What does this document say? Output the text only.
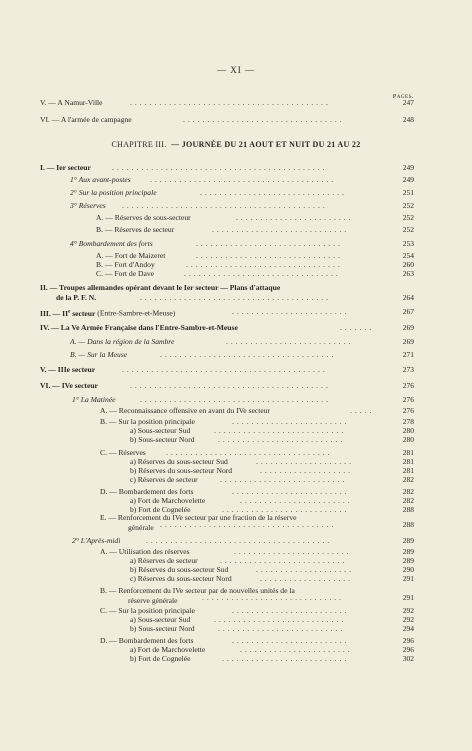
— XI —
Pages.
V. — A Namur-Ville	.........................................	247
VI. — A l'armée de campagne	.................................	248
CHAPITRE III. — JOURNÉE DU 21 AOUT ET NUIT DU 21 AU 22
I. — Ier secteur	............................................	249
1° Aux avant-postes	......................................	249
2° Sur la position principale	..............................	251
3° Réserves ..........................................	252
A. — Réserves de sous-secteur	........................	252
B. — Réserves de secteur	............................	252
4° Bombardement des forts	..............................	253
A. — Fort de Maizeret	..............................	254
B. — Fort d'Andoy	................................	260
C. — Fort de Dave	................................	263
II. — Troupes allemandes opérant devant le Ier secteur — Plans d'attaque
de la P. F. N.	.......................................	264
III. — IIe secteur (Entre-Sambre-et-Meuse)	........................	267
IV. — La Ve Armée Française dans l'Entre-Sambre-et-Meuse	.......	269
A. — Dans la région de la Sambre	..........................	269
B. — Sur la Meuse	....................................	271
V. — IIIe secteur	..........................................	273
VI. — IVe secteur	.........................................	276
1° La Matinée	.......................................	276
A. — Reconnaissance offensive en avant du IVe secteur	.....	276
B. — Sur la position principale	........................	278
a) Sous-secteur Sud	...........................	280
b) Sous-secteur Nord	..........................	280
C. — Réserves	..................................	281
a) Réserves du sous-secteur Sud	....................	281
b) Réserves du sous-secteur Nord	...................	281
c) Réserves de secteur	..........................	282
D. — Bombardement des forts	........................	282
a) Fort de Marchovelette	.......................	282
b) Fort de Cognelée	..........................	288
E. — Renforcement du IVe secteur par une fraction de la réserve
générale ....................................	288
2° L'Après-midi	......................................	289
A. — Utilisation des réserves	........................	289
a) Réserves de secteur	..........................	289
b) Réserves du sous-secteur Sud	....................	290
c) Réserves du sous-secteur Nord	...................	291
B. — Renforcement du IVe secteur par de nouvelles unités de la
réserve générale	.............................	291
C. — Sur la position principale	........................	292
a) Sous-secteur Sud	...........................	292
b) Sous-secteur Nord	..........................	294
D. — Bombardement des forts	........................	296
a) Fort de Marchovelette	.......................	296
b) Fort de Cognelée	..........................	302
